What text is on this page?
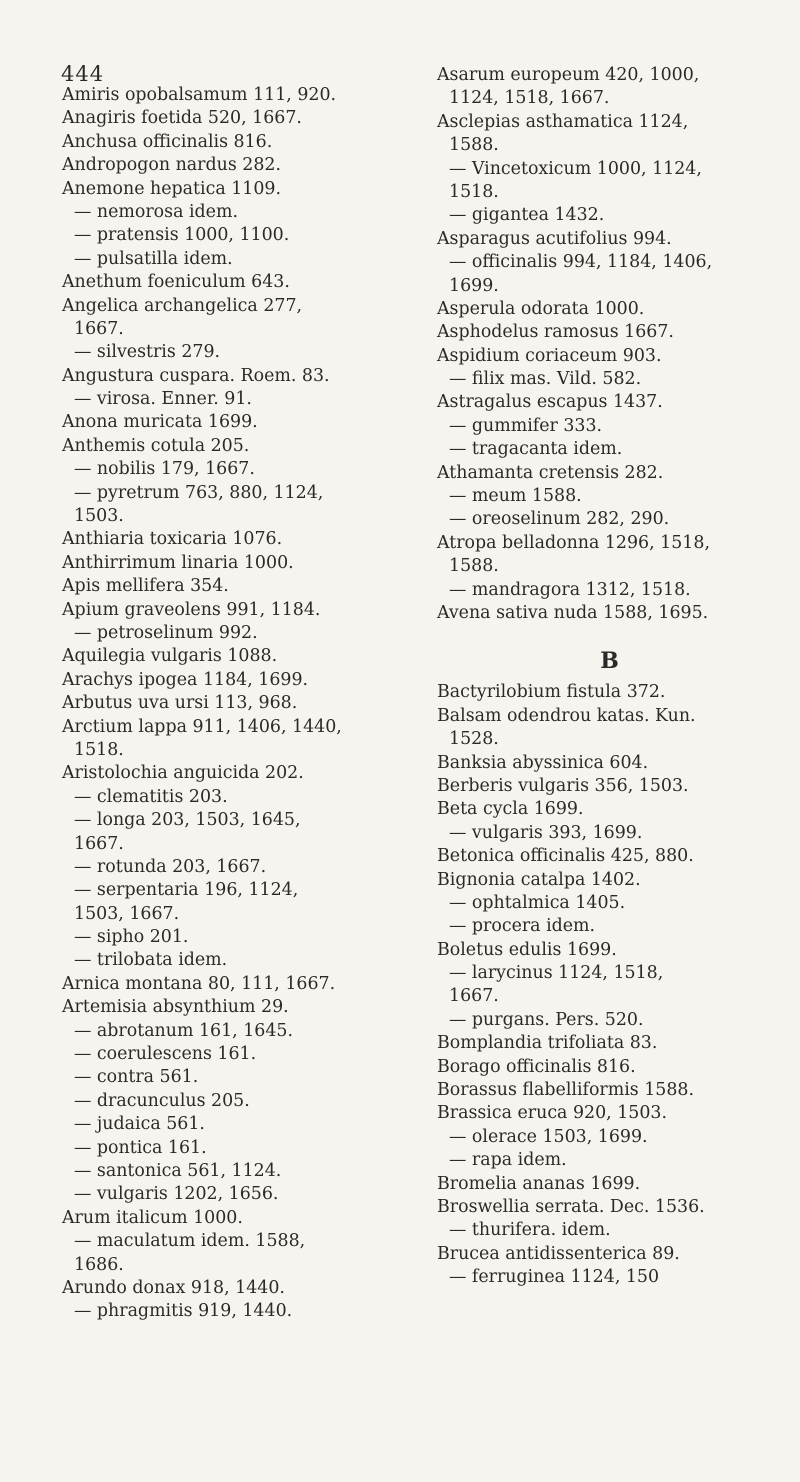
444
Amiris opobalsamum 111, 920.
Anagiris foetida 520, 1667.
Anchusa officinalis 816.
Andropogon nardus 282.
Anemone hepatica 1109.
— nemorosa idem.
— pratensis 1000, 1100.
— pulsatilla idem.
Anethum foeniculum 643.
Angelica archangelica 277,
1667.
— silvestris 279.
Angustura cuspara. Roem. 83.
— virosa. Enner. 91.
Anona muricata 1699.
Anthemis cotula 205.
— nobilis 179, 1667.
— pyretrum 763, 880, 1124,
1503.
Anthiaria toxicaria 1076.
Anthirrimum linaria 1000.
Apis mellifera 354.
Apium graveolens 991, 1184.
— petroselinum 992.
Aquilegia vulgaris 1088.
Arachys ipogea 1184, 1699.
Arbutus uva ursi 113, 968.
Arctium lappa 911, 1406, 1440,
1518.
Aristolochia anguicida 202.
— clematitis 203.
— longa 203, 1503, 1645,
1667.
— rotunda 203, 1667.
— serpentaria 196, 1124,
1503, 1667.
— sipho 201.
— trilobata idem.
Arnica montana 80, 111, 1667.
Artemisia absynthium 29.
— abrotanum 161, 1645.
— coerulescens 161.
— contra 561.
— dracunculus 205.
— judaica 561.
— pontica 161.
— santonica 561, 1124.
— vulgaris 1202, 1656.
Arum italicum 1000.
— maculatum idem. 1588,
1686.
Arundo donax 918, 1440.
— phragmitis 919, 1440.
Asarum europeum 420, 1000,
1124, 1518, 1667.
Asclepias asthamatica 1124,
1588.
— Vincetoxicum 1000, 1124,
1518.
— gigantea 1432.
Asparagus acutifolius 994.
— officinalis 994, 1184, 1406,
1699.
Asperula odorata 1000.
Asphodelus ramosus 1667.
Aspidium coriaceum 903.
— filix mas. Vild. 582.
Astragalus escapus 1437.
— gummifer 333.
— tragacanta idem.
Athamanta cretensis 282.
— meum 1588.
— oreoselinum 282, 290.
Atropa belladonna 1296, 1518,
1588.
— mandragora 1312, 1518.
Avena sativa nuda 1588, 1695.
B
Bactyrilobium fistula 372.
Balsam odendrou katas. Kun.
1528.
Banksia abyssinica 604.
Berberis vulgaris 356, 1503.
Beta cycla 1699.
— vulgaris 393, 1699.
Betonica officinalis 425, 880.
Bignonia catalpa 1402.
— ophtalmica 1405.
— procera idem.
Boletus edulis 1699.
— larycinus 1124, 1518,
1667.
— purgans. Pers. 520.
Bomplandia trifoliata 83.
Borago officinalis 816.
Borassus flabelliformis 1588.
Brassica eruca 920, 1503.
— olerace 1503, 1699.
— rapa idem.
Bromelia ananas 1699.
Broswellia serrata. Dec. 1536.
— thurifera. idem.
Brucea antidissenterica 89.
— ferruginea 1124, 150
